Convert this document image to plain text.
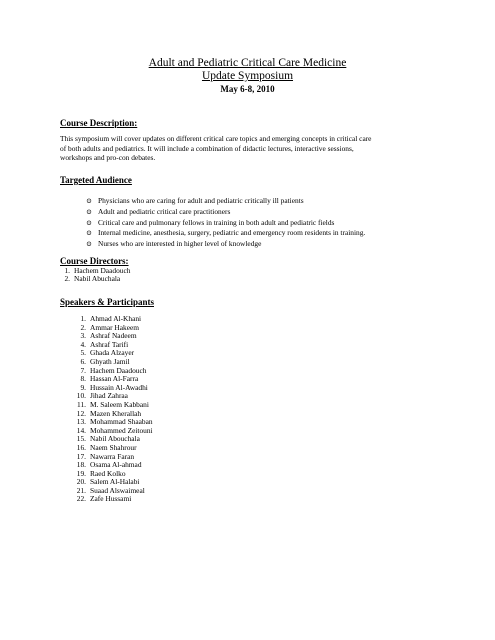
Adult and Pediatric Critical Care Medicine
Update Symposium
May 6-8, 2010
Course Description:
This symposium will cover updates on different critical care topics and emerging concepts in critical care
of both adults and pediatrics. It will include a combination of didactic lectures, interactive sessions,
workshops and pro-con debates.
Targeted Audience
⊙ Physicians who are caring for adult and pediatric critically ill patients
⊙ Adult and pediatric critical care practitioners
⊙ Critical care and pulmonary fellows in training in both adult and pediatric fields
⊙ Internal medicine, anesthesia, surgery, pediatric and emergency room residents in training.
⊙ Nurses who are interested in higher level of knowledge
Course Directors:
1. Hachem Daadouch
2. Nabil Abuchala
Speakers & Participants
1. Ahmad Al-Khani
2. Ammar Hakeem
3. Ashraf Nadeem
4. Ashraf Tarifi
5. Ghada Alzayer
6. Ghyath Jamil
7. Hachem Daadouch
8. Hassan Al-Farra
9. Hussain Al-Awadhi
10. Jihad Zahraa
11. M. Saleem Kabbani
12. Mazen Kherallah
13. Mohammad Shaaban
14. Mohammed Zeitouni
15. Nabil Abouchala
16. Naem Shahrour
17. Nawarra Faran
18. Osama Al-ahmad
19. Raed Kolko
20. Salem Al-Halabi
21. Suaad Alswaimeal
22. Zafe Hussami
